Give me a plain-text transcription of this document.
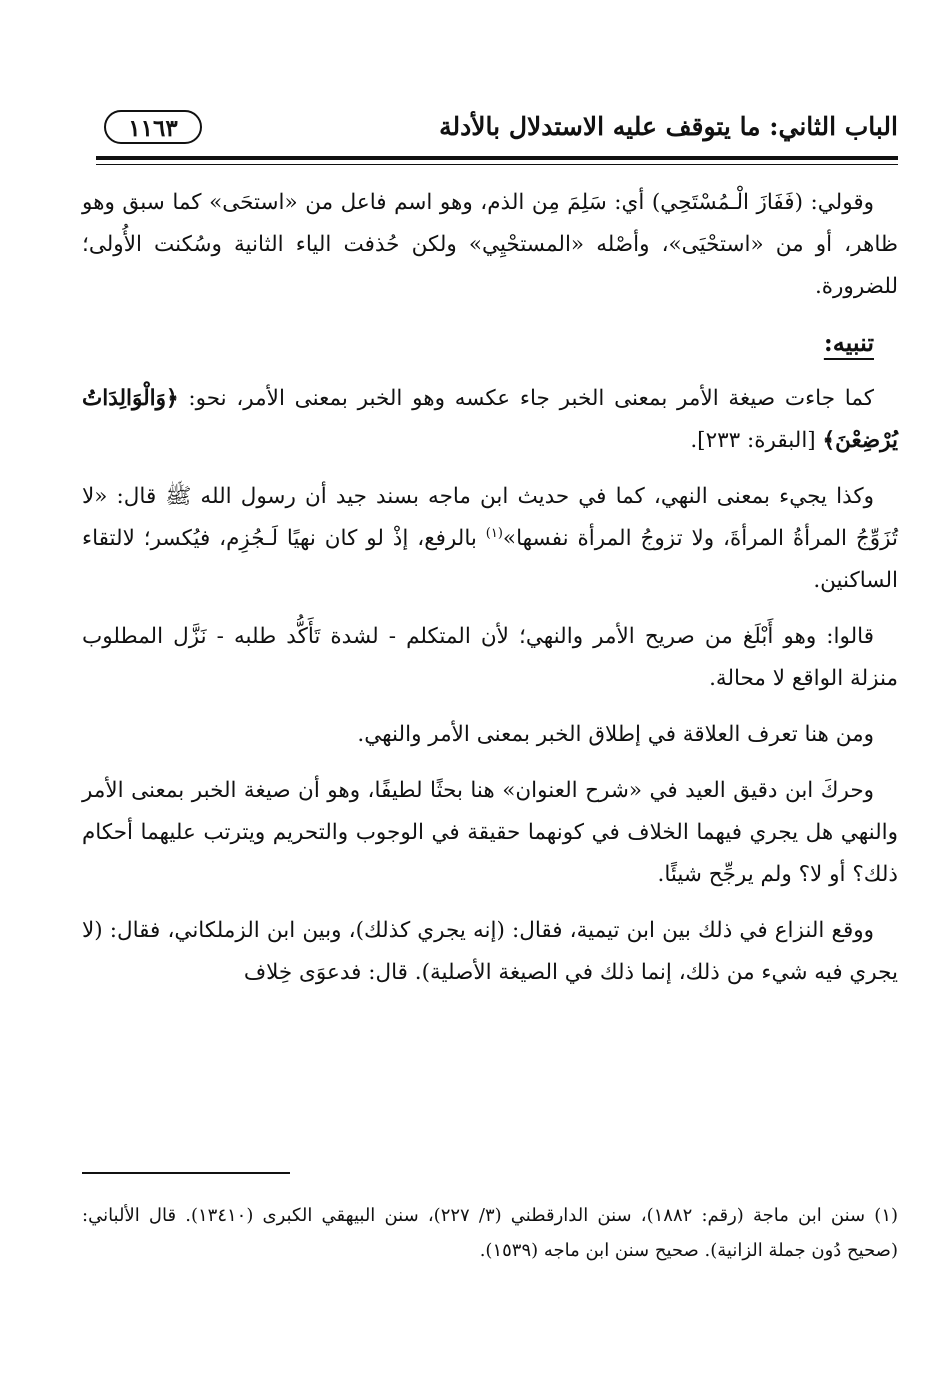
الباب الثاني: ما يتوقف عليه الاستدلال بالأدلة
١١٦٣

وقولي: (فَفَازَ الْـمُسْتَحِي) أي: سَلِمَ مِن الذم، وهو اسم فاعل من «استحَى» كما سبق وهو ظاهر، أو من «استحْيَى»، وأصْله «المستحْيِي» ولكن حُذفت الياء الثانية وسُكنت الأُولى؛ للضرورة.

تنبيه:

كما جاءت صيغة الأمر بمعنى الخبر جاء عكسه وهو الخبر بمعنى الأمر، نحو: ﴿وَالْوَالِدَاتُ يُرْضِعْنَ﴾ [البقرة: ٢٣٣].

وكذا يجيء بمعنى النهي، كما في حديث ابن ماجه بسند جيد أن رسول الله ﷺ قال: «لا تُزَوِّجُ المرأةُ المرأةَ، ولا تزوجُ المرأة نفسها»$^{(١)}$ بالرفع، إذْ لو كان نهيًا لَـجُزِم، فيُكسر؛ لالتقاء الساكنين.

قالوا: وهو أَبْلَغ من صريح الأمر والنهي؛ لأن المتكلم - لشدة تَأَكُّد طلبه - نَزَّل المطلوب منزلة الواقع لا محالة.

ومن هنا تعرف العلاقة في إطلاق الخبر بمعنى الأمر والنهي.

وحركَ ابن دقيق العيد في «شرح العنوان» هنا بحثًا لطيفًا، وهو أن صيغة الخبر بمعنى الأمر والنهي هل يجري فيهما الخلاف في كونهما حقيقة في الوجوب والتحريم ويترتب عليهما أحكام ذلك؟ أو لا؟ ولم يرجِّح شيئًا.

ووقع النزاع في ذلك بين ابن تيمية، فقال: (إنه يجري كذلك)، وبين ابن الزملكاني، فقال: (لا يجري فيه شيء من ذلك، إنما ذلك في الصيغة الأصلية). قال: فدعوَى خِلاف

(١) سنن ابن ماجة (رقم: ١٨٨٢)، سنن الدارقطني (٣/ ٢٢٧)، سنن البيهقي الكبرى (١٣٤١٠). قال الألباني: (صحيح دُون جملة الزانية). صحيح سنن ابن ماجه (١٥٣٩).
